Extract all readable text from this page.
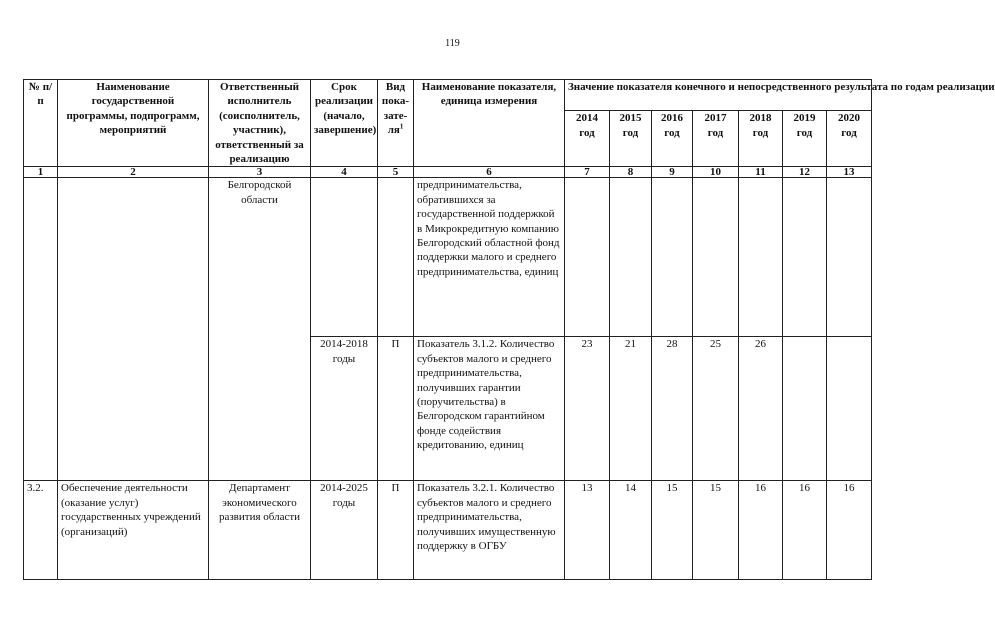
119
№ п/п	Наименование государственной программы, подпрограмм, мероприятий	Ответственный исполнитель (соисполнитель, участник), ответственный за реализацию	Срок реализации (начало, завершение)	Вид пока-$зате-ля^1$	Наименование показателя, единица измерения	Значение показателя конечного и непосредственного результата по годам реализации						
						2014 год	2015 год	2016 год	2017 год	2018 год	2019 год	2020 год
1	2	3	4	5	6	7	8	9	10	11	12	13
		Белгородской области			предпринимательства, обратившихся за государственной поддержкой в Микрокредитную компанию Белгородский областной фонд поддержки малого и среднего предпринимательства, единиц							
			2014-2018 годы	П	Показатель 3.1.2. Количество субъектов малого и среднего предпринимательства, получивших гарантии (поручительства) в Белгородском гарантийном фонде содействия кредитованию, единиц	23	21	28	25	26		
3.2.	Обеспечение деятельности (оказание услуг) государственных учреждений (организаций)	Департамент экономического развития области	2014-2025 годы	П	Показатель 3.2.1. Количество субъектов малого и среднего предпринимательства, получивших имущественную поддержку в ОГБУ	13	14	15	15	16	16	16
